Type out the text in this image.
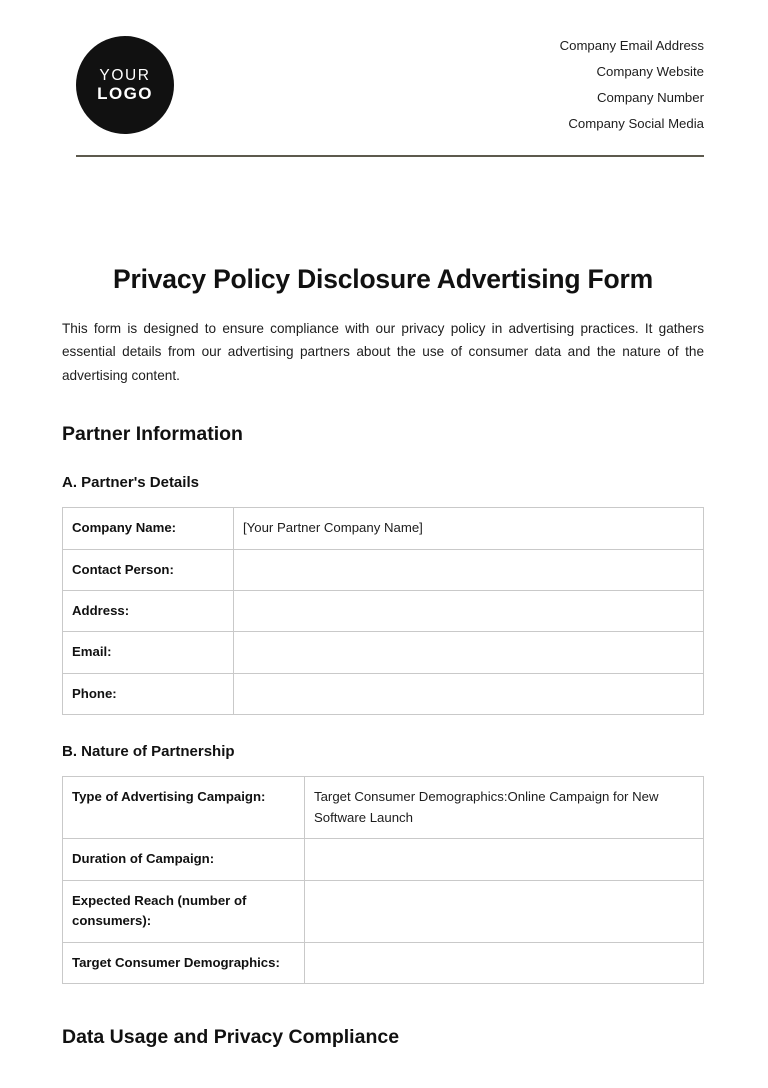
YOUR
LOGO
Company Email Address
Company Website
Company Number
Company Social Media
Privacy Policy Disclosure Advertising Form

This form is designed to ensure compliance with our privacy policy in advertising practices. It gathers essential details from our advertising partners about the use of consumer data and the nature of the advertising content.

Partner Information
A. Partner's Details
Company Name:	[Your Partner Company Name]
Contact Person:	
Address:	
Email:	
Phone:	
B. Nature of Partnership
Type of Advertising Campaign:	Target Consumer Demographics:Online Campaign for New Software Launch
Duration of Campaign:	
Expected Reach (number of consumers):	
Target Consumer Demographics:	
Data Usage and Privacy Compliance
